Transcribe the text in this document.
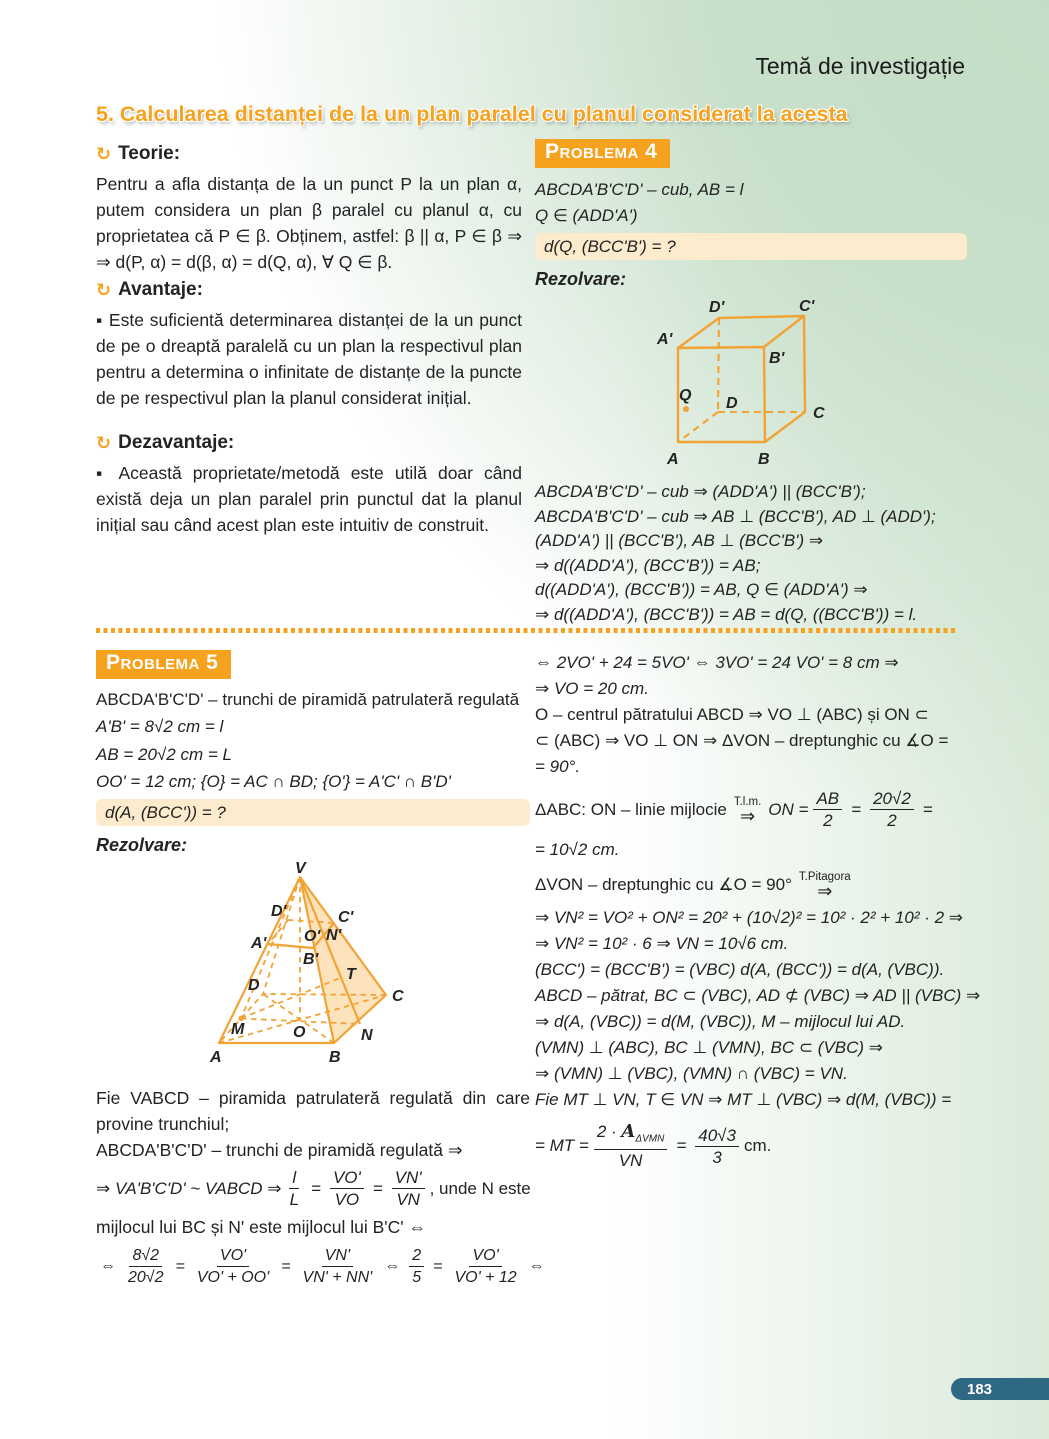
Temă de investigație
5. Calcularea distanței de la un plan paralel cu planul considerat la acesta
↻ Teorie:
Pentru a afla distanța de la un punct P la un plan α, putem considera un plan β paralel cu planul α, cu proprietatea că P ∈ β. Obținem, astfel: β || α, P ∈ β ⇒ ⇒ d(P, α) = d(β, α) = d(Q, α), ∀ Q ∈ β.
↻ Avantaje:
▪ Este suficientă determinarea distanței de la un punct de pe o dreaptă paralelă cu un plan la respectivul plan pentru a determina o infinitate de distanțe de la puncte de pe respectivul plan la planul considerat inițial.
↻ Dezavantaje:
▪ Această proprietate/metodă este utilă doar când există deja un plan paralel prin punctul dat la planul inițial sau când acest plan este intuitiv de construit.
Problema 4
ABCDA'B'C'D' – cub, AB = l
Q ∈ (ADD'A')
d(Q, (BCC'B') = ?
Rezolvare:
A	B
C
D
A'
B'
C'
D'
Q
ABCDA'B'C'D' – cub ⇒ (ADD'A') || (BCC'B');
ABCDA'B'C'D' – cub ⇒ AB ⊥ (BCC'B'), AD ⊥ (ADD');
(ADD'A') || (BCC'B'), AB ⊥ (BCC'B') ⇒
⇒ d((ADD'A'), (BCC'B')) = AB;
d((ADD'A'), (BCC'B')) = AB, Q ∈ (ADD'A') ⇒
⇒ d((ADD'A'), (BCC'B')) = AB = d(Q, ((BCC'B')) = l.
Problema 5
ABCDA'B'C'D' – trunchi de piramidă patrulateră regulată
A'B' = 8√2 cm = l
AB = 20√2 cm = L
OO' = 12 cm; {O} = AC ∩ BD; {O'} = A'C' ∩ B'D'
d(A, (BCC')) = ?
Rezolvare:
V
A	B
C
D
A'
B'
C'
D'
O
O'
M	N
N'
T
Fie VABCD – piramida patrulateră regulată din care provine trunchiul;
ABCDA'B'C'D' – trunchi de piramidă regulată ⇒
⇒ VA'B'C'D' ~ VABCD ⇒ $\frac{l}{L} = \frac{VO'}{VO} = \frac{VN'}{VN}$ , unde N este
mijlocul lui BC și N' este mijlocul lui B'C' ⇔
⇔ $\frac{8√2}{20√2} = \frac{VO'}{VO' + OO'} = \frac{VN'}{VN' + NN'}$ ⇔ $\frac{2}{5} = \frac{VO'}{VO' + 12}$ ⇔
⇔ 2VO' + 24 = 5VO' ⇔ 3VO' = 24 VO' = 8 cm ⇒
⇒ VO = 20 cm.
O – centrul pătratului ABCD ⇒ VO ⊥ (ABC) și ON ⊂
⊂ (ABC) ⇒ VO ⊥ ON ⇒ ΔVON – dreptunghic cu ∡O =
= 90°.
ΔABC: ON – linie mijlocie T.l.m.
⇒ ON = $\frac{AB}{2} = \frac{20√2}{2}$ =
= 10√2 cm.
ΔVON – dreptunghic cu ∡O = 90° T.Pitagora
⇒
⇒ VN² = VO² + ON² = 20² + (10√2)² = 10² · 2² + 10² · 2 ⇒
⇒ VN² = 10² · 6 ⇒ VN = 10√6 cm.
(BCC') = (BCC'B') = (VBC) d(A, (BCC')) = d(A, (VBC)).
ABCD – pătrat, BC ⊂ (VBC), AD ⊄ (VBC) ⇒ AD || (VBC) ⇒
⇒ d(A, (VBC)) = d(M, (VBC)), M – mijlocul lui AD.
(VMN) ⊥ (ABC), BC ⊥ (VMN), BC ⊂ (VBC) ⇒
⇒ (VMN) ⊥ (VBC), (VMN) ∩ (VBC) = VN.
Fie MT ⊥ VN, T ∈ VN ⇒ MT ⊥ (VBC) ⇒ d(M, (VBC)) =
= MT = $\frac{2 \cdot A_{\Delta VMN}}{VN} = \frac{40√3}{3}$ cm.
183
